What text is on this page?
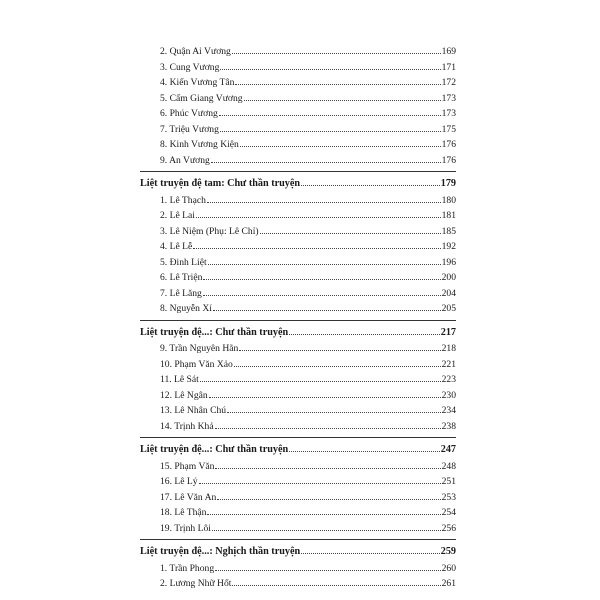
2. Quận Ai Vương	169
3. Cung Vương	171
4. Kiến Vương Tân	172
5. Cẩm Giang Vương	173
6. Phúc Vương	173
7. Triệu Vương	175
8. Kinh Vương Kiện	176
9. An Vương	176
Liệt truyện đệ tam: Chư thần truyện	179
1. Lê Thạch	180
2. Lê Lai	181
3. Lê Niệm (Phụ: Lê Chỉ)	185
4. Lê Lễ	192
5. Đinh Liệt	196
6. Lê Triện	200
7. Lê Lăng	204
8. Nguyễn Xí	205
Liệt truyện đệ...: Chư thần truyện	217
9. Trần Nguyên Hãn	218
10. Phạm Văn Xảo	221
11. Lê Sát	223
12. Lê Ngân	230
13. Lê Nhân Chú	234
14. Trịnh Khả	238
Liệt truyện đệ...: Chư thần truyện	247
15. Phạm Văn	248
16. Lê Lý	251
17. Lê Văn An	253
18. Lê Thận	254
19. Trịnh Lôi	256
Liệt truyện đệ...: Nghịch thần truyện	259
1. Trần Phong	260
2. Lương Nhữ Hốt	261
